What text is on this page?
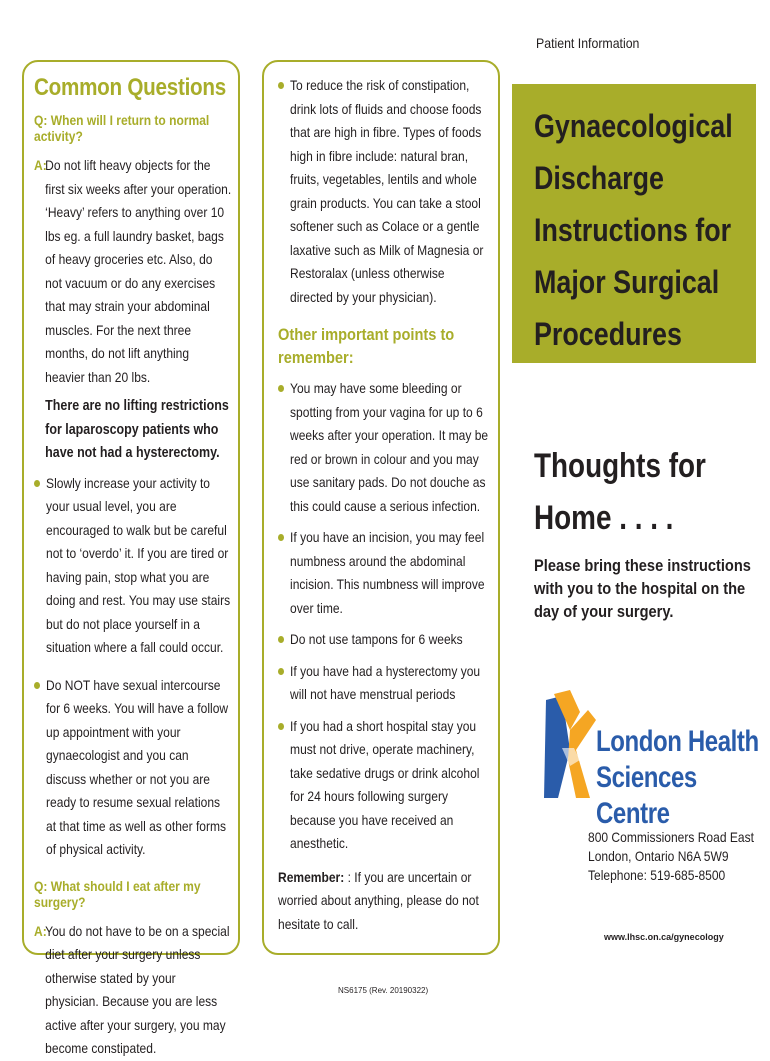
Patient Information
Common Questions
Q: When will I return to normal activity?
A:
Do not lift heavy objects for the first six weeks after your operation. ‘Heavy’ refers to anything over 10 lbs eg. a full laundry basket, bags of heavy groceries etc. Also, do not vacuum or do any exercises that may strain your abdominal muscles. For the next three months, do not lift anything heavier than 20 lbs.
There are no lifting restrictions for laparoscopy patients who have not had a hysterectomy.
Slowly increase your activity to your usual level, you are encouraged to walk but be careful not to ‘overdo’ it. If you are tired or having pain, stop what you are doing and rest. You may use stairs but do not place yourself in a situation where a fall could occur.
Do NOT have sexual intercourse for 6 weeks. You will have a follow up appointment with your gynaecologist and you can discuss whether or not you are ready to resume sexual relations at that time as well as other forms of physical activity.
Q: What should I eat after my surgery?
A:
You do not have to be on a special diet after your surgery unless otherwise stated by your physician. Because you are less active after your surgery, you may become constipated.
To reduce the risk of constipation, drink lots of fluids and choose foods that are high in fibre. Types of foods high in fibre include: natural bran, fruits, vegetables, lentils and whole grain products. You can take a stool softener such as Colace or a gentle laxative such as Milk of Magnesia or Restoralax (unless otherwise directed by your physician).
Other important points to remember:
You may have some bleeding or spotting from your vagina for up to 6 weeks after your operation. It may be red or brown in colour and you may use sanitary pads. Do not douche as this could cause a serious infection.
If you have an incision, you may feel numbness around the abdominal incision. This numbness will improve over time.
Do not use tampons for 6 weeks
If you have had a hysterectomy you will not have menstrual periods
If you had a short hospital stay you must not drive, operate machinery, take sedative drugs or drink alcohol for 24 hours following surgery because you have received an anesthetic.
Remember: : If you are uncertain or worried about anything, please do not hesitate to call.
Gynaecological
Discharge
Instructions for
Major Surgical
Procedures
Thoughts for
Home . . . .
Please bring these instructions with you to the hospital on the day of your surgery.
London Health
Sciences Centre
800 Commissioners Road East
London, Ontario N6A 5W9
Telephone: 519-685-8500
www.lhsc.on.ca/gynecology
NS6175 (Rev. 20190322)
